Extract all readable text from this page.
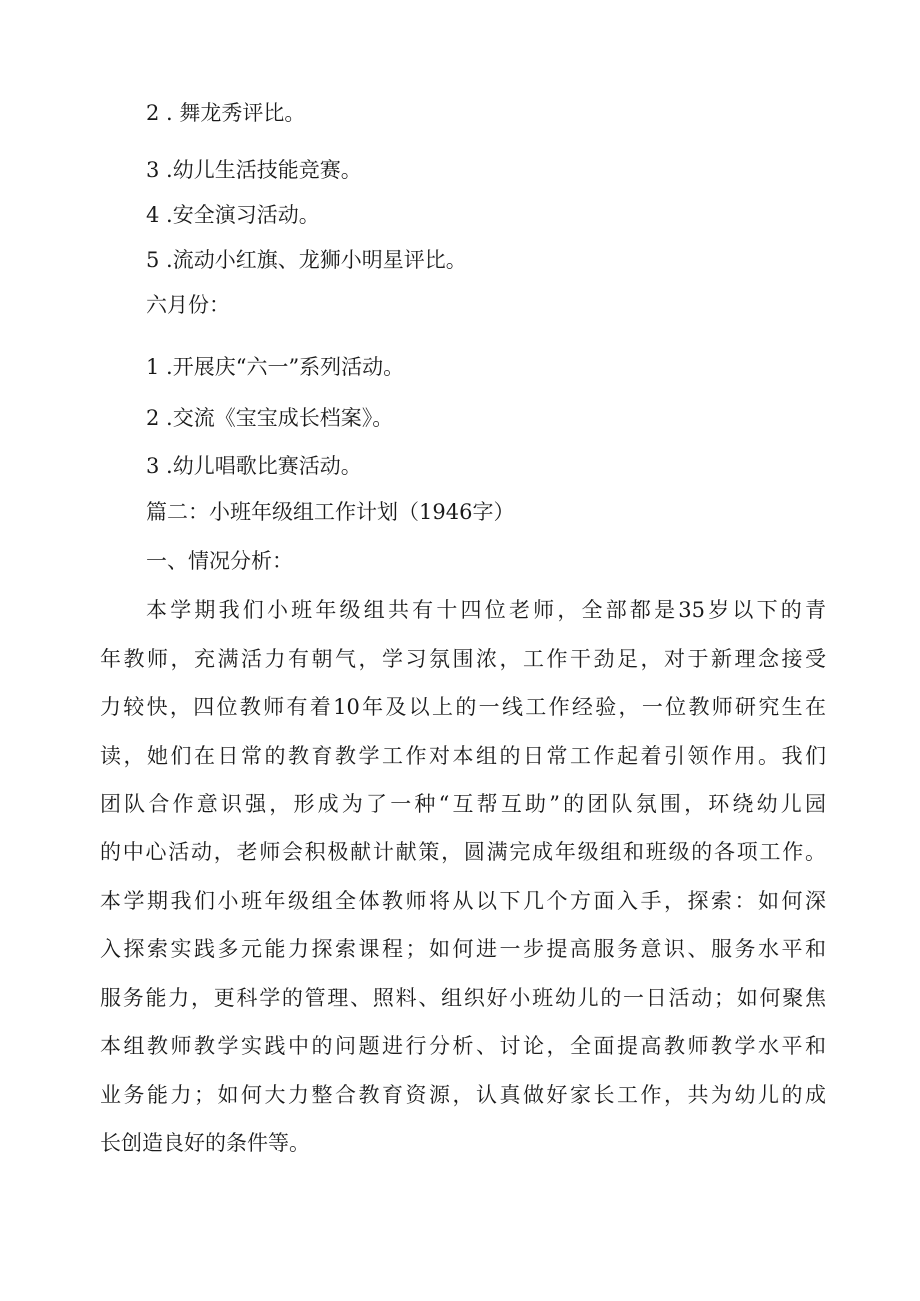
2 . 舞龙秀评比。

3 .幼儿生活技能竞赛。

4 .安全演习活动。

5 .流动小红旗、龙狮小明星评比。

六月份：

1 .开展庆“六一”系列活动。

2 .交流《宝宝成长档案》。

3 .幼儿唱歌比赛活动。

篇二：小班年级组工作计划（1946字）

一、情况分析：

本学期我们小班年级组共有十四位老师，全部都是35岁以下的青

年教师，充满活力有朝气，学习氛围浓，工作干劲足，对于新理念接受

力较快，四位教师有着10年及以上的一线工作经验，一位教师研究生在

读，她们在日常的教育教学工作对本组的日常工作起着引领作用。我们

团队合作意识强，形成为了一种“互帮互助”的团队氛围，环绕幼儿园

的中心活动，老师会积极献计献策，圆满完成年级组和班级的各项工作。

本学期我们小班年级组全体教师将从以下几个方面入手，探索：如何深

入探索实践多元能力探索课程；如何进一步提高服务意识、服务水平和

服务能力，更科学的管理、照料、组织好小班幼儿的一日活动；如何聚焦

本组教师教学实践中的问题进行分析、讨论，全面提高教师教学水平和

业务能力；如何大力整合教育资源，认真做好家长工作，共为幼儿的成

长创造良好的条件等。
